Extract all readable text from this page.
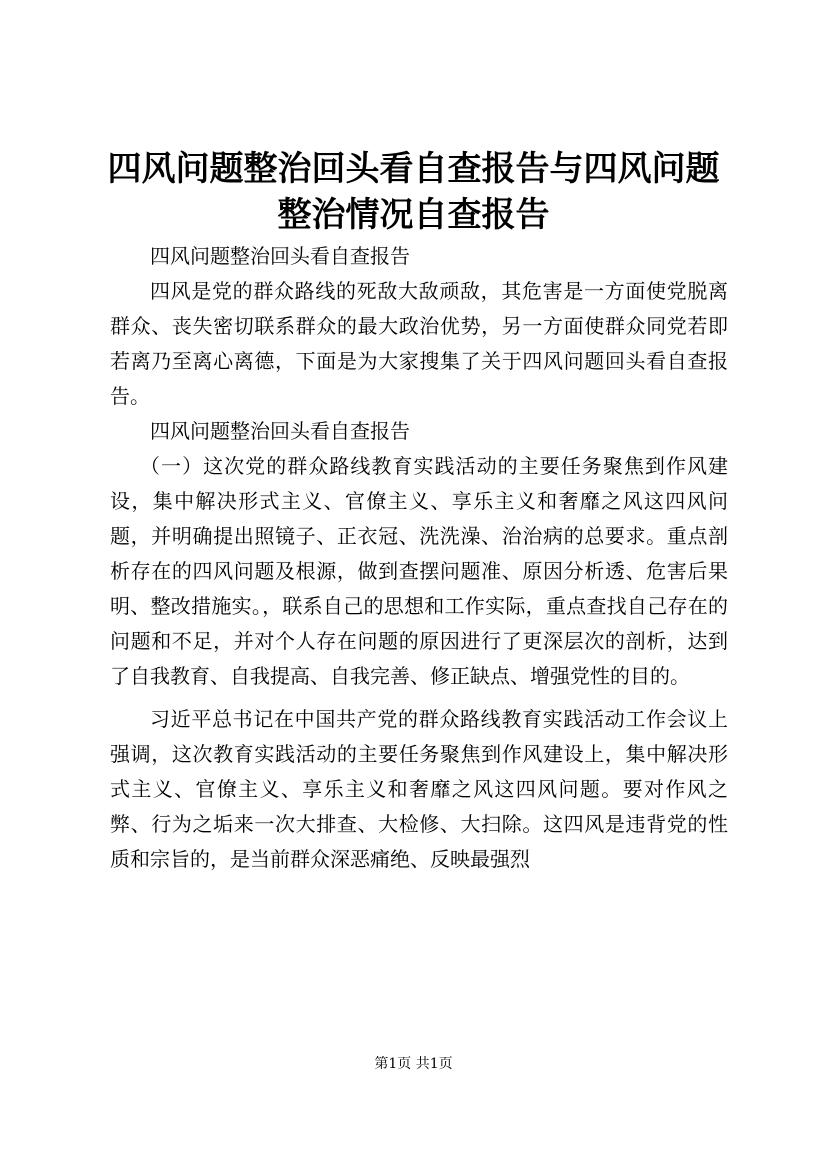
四风问题整治回头看自查报告与四风问题整治情况自查报告

四风问题整治回头看自查报告

四风是党的群众路线的死敌大敌顽敌，其危害是一方面使党脱离群众、丧失密切联系群众的最大政治优势，另一方面使群众同党若即若离乃至离心离德，下面是为大家搜集了关于四风问题回头看自查报告。

四风问题整治回头看自查报告

（一）这次党的群众路线教育实践活动的主要任务聚焦到作风建设，集中解决形式主义、官僚主义、享乐主义和奢靡之风这四风问题，并明确提出照镜子、正衣冠、洗洗澡、治治病的总要求。重点剖析存在的四风问题及根源，做到查摆问题准、原因分析透、危害后果明、整改措施实。，联系自己的思想和工作实际，重点查找自己存在的问题和不足，并对个人存在问题的原因进行了更深层次的剖析，达到了自我教育、自我提高、自我完善、修正缺点、增强党性的目的。

习近平总书记在中国共产党的群众路线教育实践活动工作会议上强调，这次教育实践活动的主要任务聚焦到作风建设上，集中解决形式主义、官僚主义、享乐主义和奢靡之风这四风问题。要对作风之弊、行为之垢来一次大排查、大检修、大扫除。这四风是违背党的性质和宗旨的，是当前群众深恶痛绝、反映最强烈

第1页 共1页
